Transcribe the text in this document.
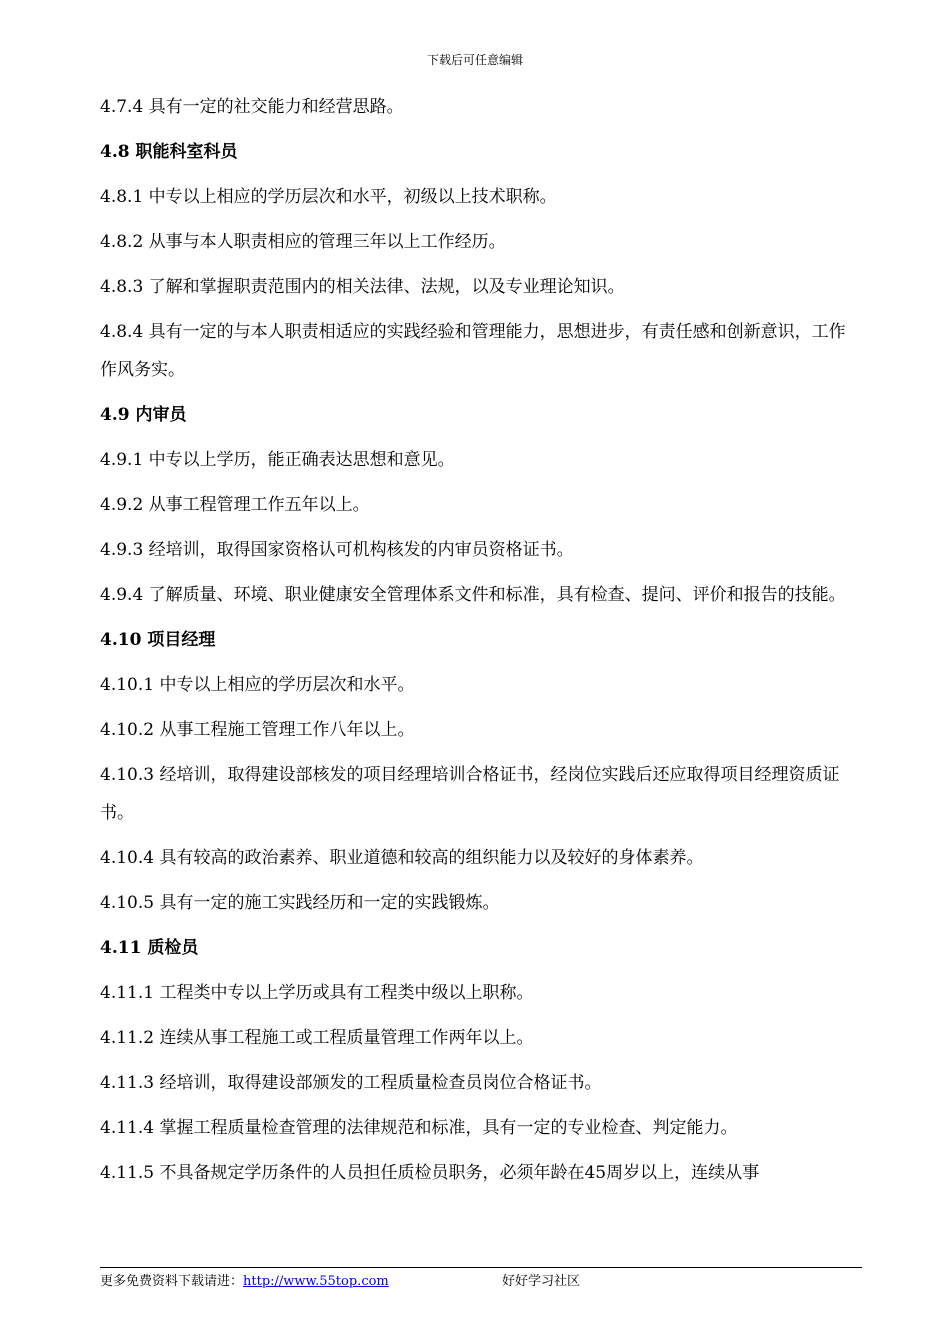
下载后可任意编辑

4.7.4 具有一定的社交能力和经营思路。

4.8 职能科室科员

4.8.1 中专以上相应的学历层次和水平，初级以上技术职称。

4.8.2 从事与本人职责相应的管理三年以上工作经历。

4.8.3 了解和掌握职责范围内的相关法律、法规，以及专业理论知识。

4.8.4 具有一定的与本人职责相适应的实践经验和管理能力，思想进步，有责任感和创新意识，工作作风务实。

4.9 内审员

4.9.1 中专以上学历，能正确表达思想和意见。

4.9.2 从事工程管理工作五年以上。

4.9.3 经培训，取得国家资格认可机构核发的内审员资格证书。

4.9.4 了解质量、环境、职业健康安全管理体系文件和标准，具有检查、提问、评价和报告的技能。

4.10 项目经理

4.10.1 中专以上相应的学历层次和水平。

4.10.2 从事工程施工管理工作八年以上。

4.10.3 经培训，取得建设部核发的项目经理培训合格证书，经岗位实践后还应取得项目经理资质证书。

4.10.4 具有较高的政治素养、职业道德和较高的组织能力以及较好的身体素养。

4.10.5 具有一定的施工实践经历和一定的实践锻炼。

4.11 质检员

4.11.1 工程类中专以上学历或具有工程类中级以上职称。

4.11.2 连续从事工程施工或工程质量管理工作两年以上。

4.11.3 经培训，取得建设部颁发的工程质量检查员岗位合格证书。

4.11.4 掌握工程质量检查管理的法律规范和标准，具有一定的专业检查、判定能力。

4.11.5 不具备规定学历条件的人员担任质检员职务，必须年龄在45周岁以上，连续从事

更多免费资料下载请进：http://www.55top.com	好好学习社区
